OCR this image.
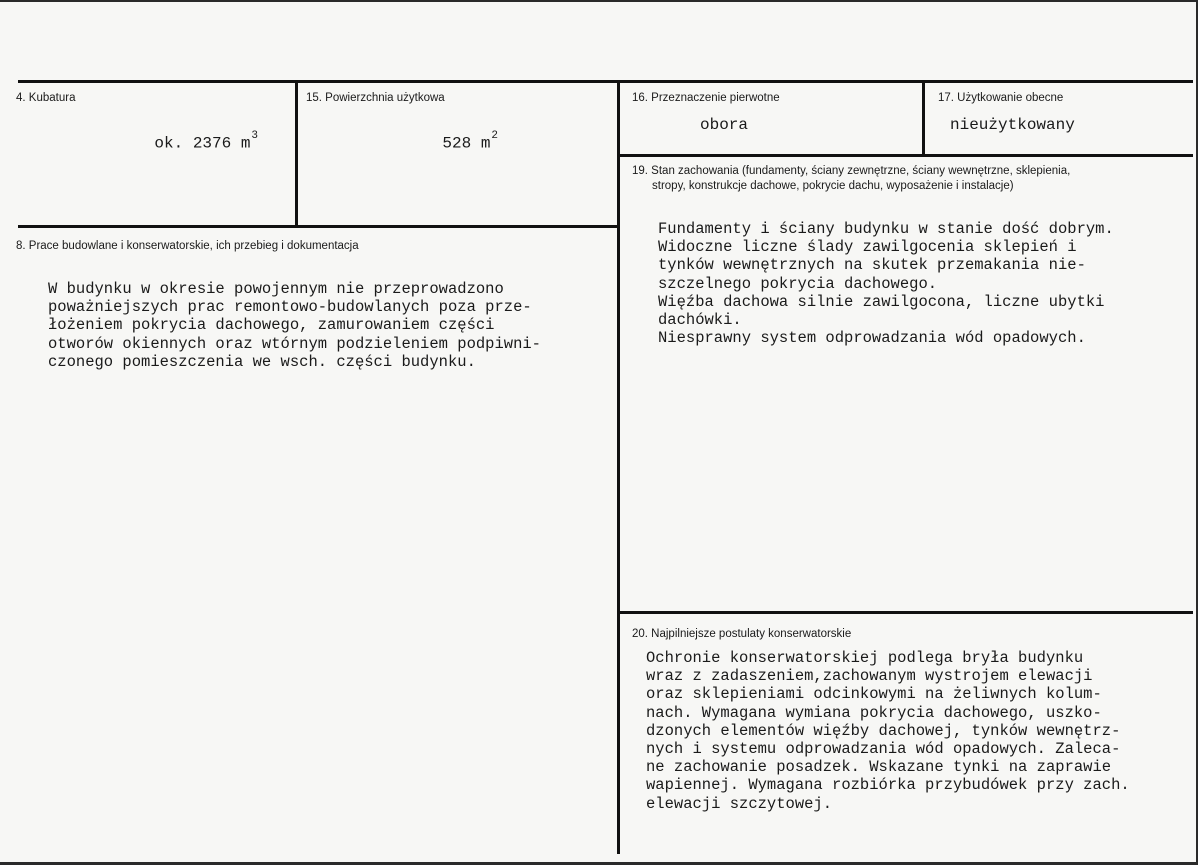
4. Kubatura

ok. 2376 $m^3$

15. Powierzchnia użytkowa

528 $m^2$

16. Przeznaczenie pierwotne
obora
17. Użytkowanie obecne
nieużytkowany
19. Stan zachowania (fundamenty, ściany zewnętrzne, ściany wewnętrzne, sklepienia,
stropy, konstrukcje dachowe, pokrycie dachu, wyposażenie i instalacje)
Fundamenty i ściany budynku w stanie dość dobrym.
Widoczne liczne ślady zawilgocenia sklepień i
tynków wewnętrznych na skutek przemakania nie-
szczelnego pokrycia dachowego.
Więźba dachowa silnie zawilgocona, liczne ubytki
dachówki.
Niesprawny system odprowadzania wód opadowych.
8. Prace budowlane i konserwatorskie, ich przebieg i dokumentacja
W budynku w okresie powojennym nie przeprowadzono
poważniejszych prac remontowo-budowlanych poza prze-
łożeniem pokrycia dachowego, zamurowaniem części
otworów okiennych oraz wtórnym podzieleniem podpiwni-
czonego pomieszczenia we wsch. części budynku.
20. Najpilniejsze postulaty konserwatorskie
Ochronie konserwatorskiej podlega bryła budynku
wraz z zadaszeniem,zachowanym wystrojem elewacji
oraz sklepieniami odcinkowymi na żeliwnych kolum-
nach. Wymagana wymiana pokrycia dachowego, uszko-
dzonych elementów więźby dachowej, tynków wewnętrz-
nych i systemu odprowadzania wód opadowych. Zaleca-
ne zachowanie posadzek. Wskazane tynki na zaprawie
wapiennej. Wymagana rozbiórka przybudówek przy zach.
elewacji szczytowej.
